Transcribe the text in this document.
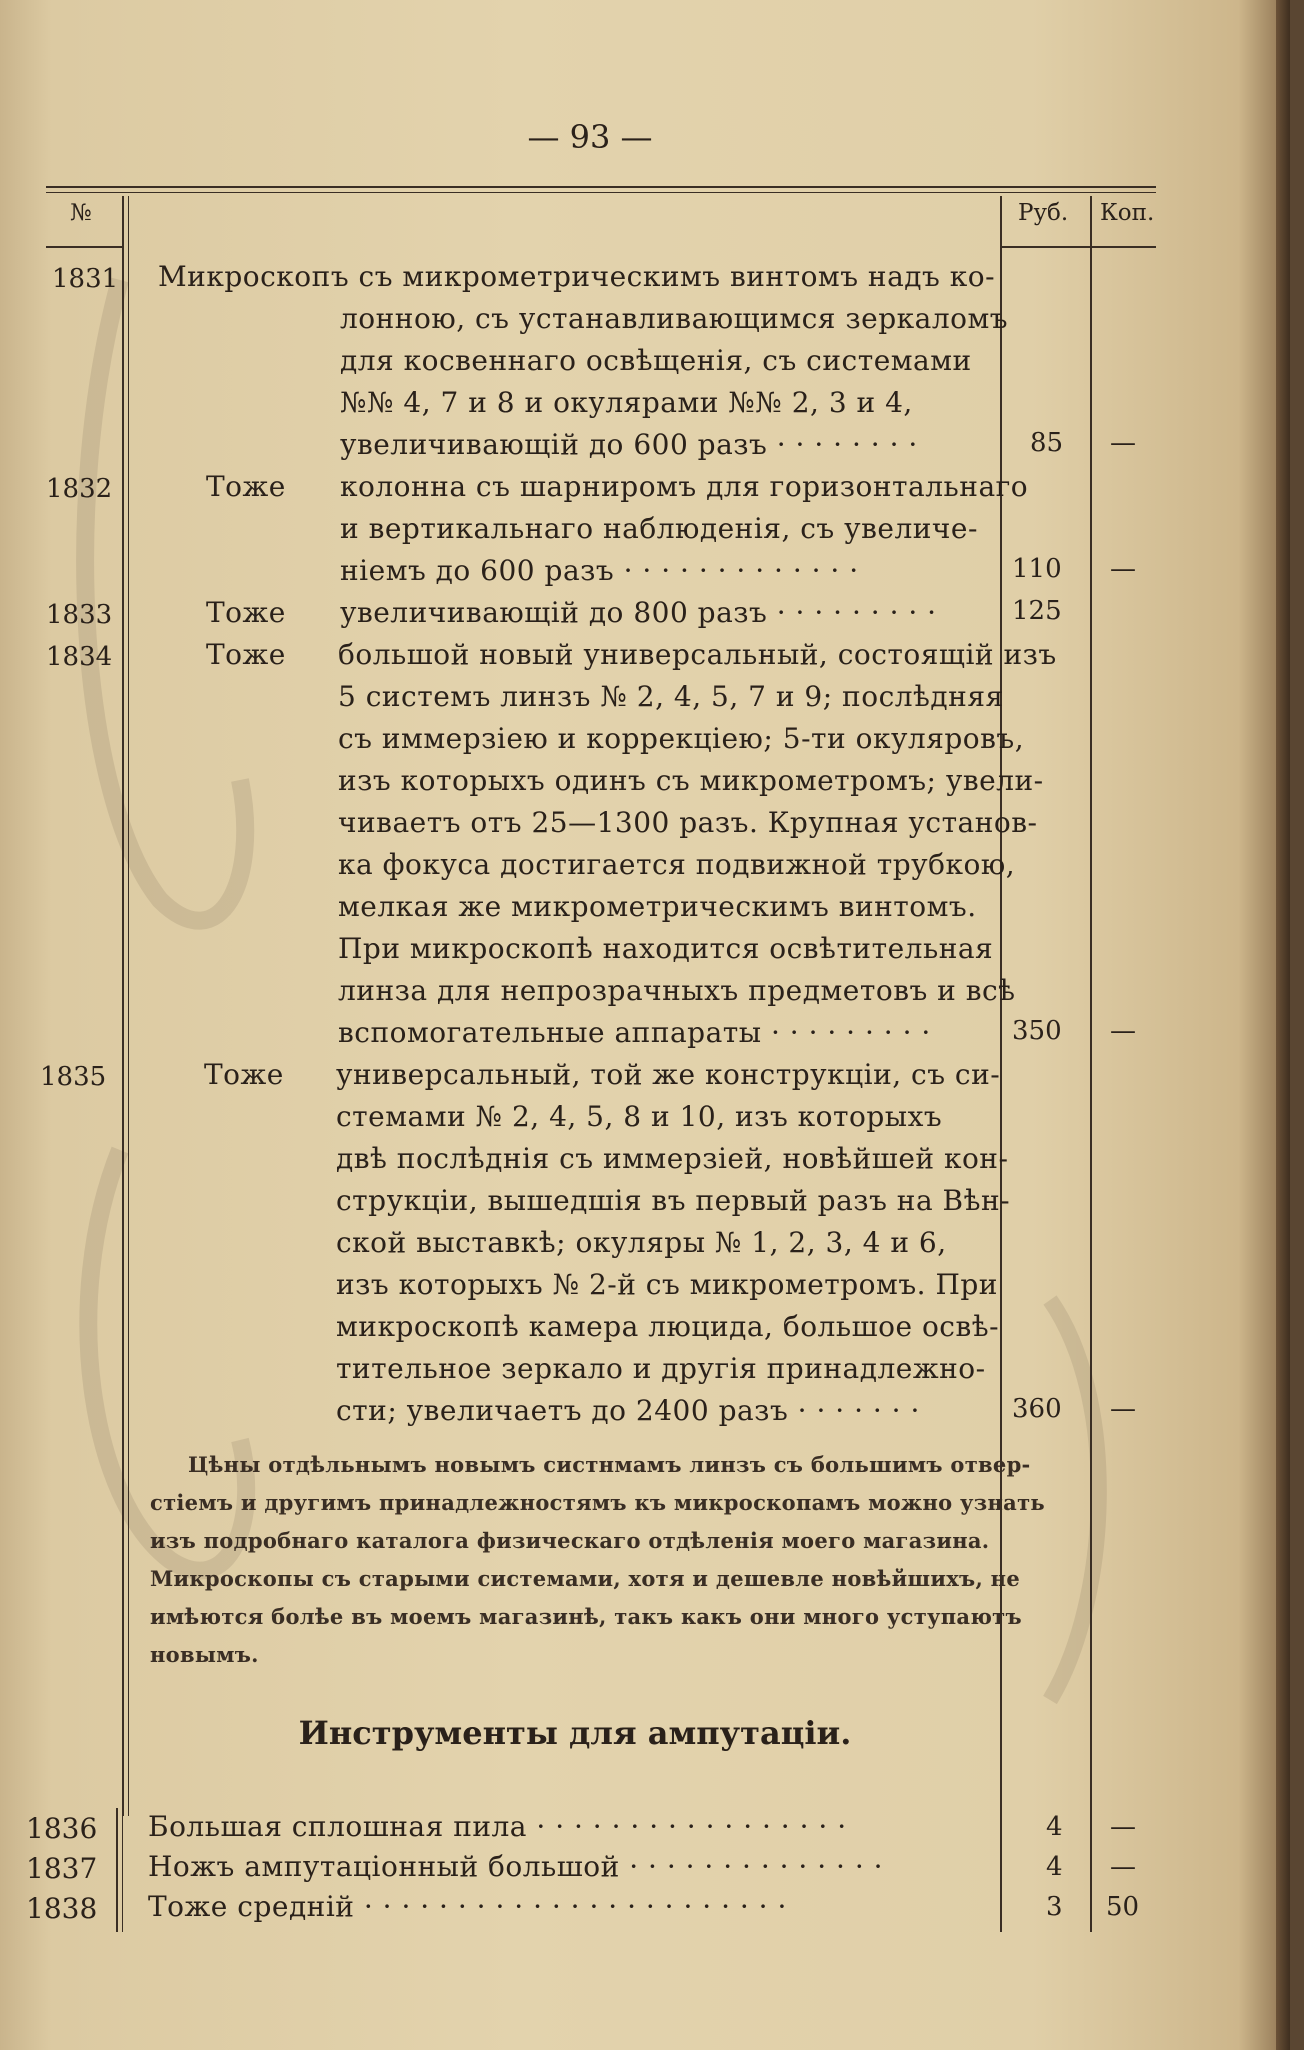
— 93 —
№	Руб. Коп.
1831 Микроскопъ съ микрометрическимъ винтомъ надъ ко-
лонною, съ устанавливающимся зеркаломъ
для косвеннаго освѣщенія, съ системами
№№ 4, 7 и 8 и окулярами №№ 2, 3 и 4,
увеличивающій до 600 разъ · · · · · · · ·	85 —
1832	Тоже колонна съ шарниромъ для горизонтальнаго
и вертикальнаго наблюденія, съ увеличе-
ніемъ до 600 разъ · · · · · · · · · · · · ·	110 —
1833	Тоже увеличивающій до 800 разъ · · · · · · · · ·	125
1834	Тоже большой новый универсальный, состоящій изъ
5 системъ линзъ № 2, 4, 5, 7 и 9; послѣдняя
съ иммерзіею и коррекціею; 5-ти окуляровъ,
изъ которыхъ одинъ съ микрометромъ; увели-
чиваетъ отъ 25—1300 разъ. Крупная установ-
ка фокуса достигается подвижной трубкою,
мелкая же микрометрическимъ винтомъ.
При микроскопѣ находится освѣтительная
линза для непрозрачныхъ предметовъ и всѣ
вспомогательные аппараты · · · · · · · · ·	350 —
1835	Тоже универсальный, той же конструкціи, съ си-
стемами № 2, 4, 5, 8 и 10, изъ которыхъ
двѣ послѣднія съ иммерзіей, новѣйшей кон-
струкціи, вышедшія въ первый разъ на Вѣн-
ской выставкѣ; окуляры № 1, 2, 3, 4 и 6,
изъ которыхъ № 2-й съ микрометромъ. При
микроскопѣ камера люцида, большое освѣ-
тительное зеркало и другія принадлежно-
сти; увеличаетъ до 2400 разъ · · · · · · ·	360 —
Цѣны отдѣльнымъ новымъ систнмамъ линзъ съ большимъ отвер-
стіемъ и другимъ принадлежностямъ къ микроскопамъ можно узнать
изъ подробнаго каталога физическаго отдѣленія моего магазина.
Микроскопы съ старыми системами, хотя и дешевле новѣйшихъ, не
имѣются болѣе въ моемъ магазинѣ, такъ какъ они много уступаютъ
новымъ.
Инструменты для ампутаціи.
1836 Большая сплошная пила · · · · · · · · · · · · · · · · ·	4 —
1837 Ножъ ампутаціонный большой · · · · · · · · · · · · · ·	4 —
1838 Тоже средній · · · · · · · · · · · · · · · · · · · · · · ·	3 50
